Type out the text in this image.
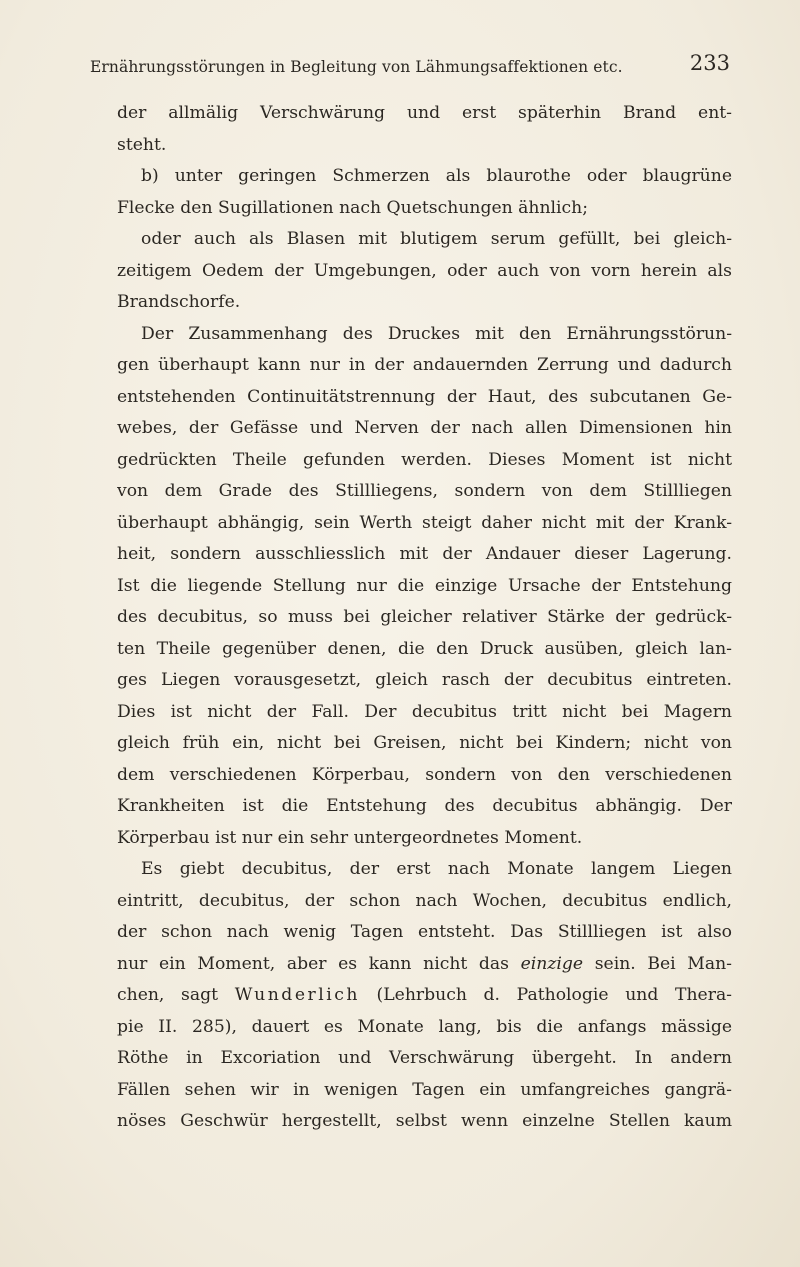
Ernährungsstörungen in Begleitung von Lähmungsaffektionen etc.	233
der allmälig Verschwärung und erst späterhin Brand ent-
steht.
b) unter geringen Schmerzen als blaurothe oder blaugrüne
Flecke den Sugillationen nach Quetschungen ähnlich;
oder auch als Blasen mit blutigem serum gefüllt, bei gleich-
zeitigem Oedem der Umgebungen, oder auch von vorn herein als
Brandschorfe.
Der Zusammenhang des Druckes mit den Ernährungsstörun-
gen überhaupt kann nur in der andauernden Zerrung und dadurch
entstehenden Continuitätstrennung der Haut, des subcutanen Ge-
webes, der Gefässe und Nerven der nach allen Dimensionen hin
gedrückten Theile gefunden werden. Dieses Moment ist nicht
von dem Grade des Stillliegens, sondern von dem Stillliegen
überhaupt abhängig, sein Werth steigt daher nicht mit der Krank-
heit, sondern ausschliesslich mit der Andauer dieser Lagerung.
Ist die liegende Stellung nur die einzige Ursache der Entstehung
des decubitus, so muss bei gleicher relativer Stärke der gedrück-
ten Theile gegenüber denen, die den Druck ausüben, gleich lan-
ges Liegen vorausgesetzt, gleich rasch der decubitus eintreten.
Dies ist nicht der Fall. Der decubitus tritt nicht bei Magern
gleich früh ein, nicht bei Greisen, nicht bei Kindern; nicht von
dem verschiedenen Körperbau, sondern von den verschiedenen
Krankheiten ist die Entstehung des decubitus abhängig. Der
Körperbau ist nur ein sehr untergeordnetes Moment.
Es giebt decubitus, der erst nach Monate langem Liegen
eintritt, decubitus, der schon nach Wochen, decubitus endlich,
der schon nach wenig Tagen entsteht. Das Stillliegen ist also
nur ein Moment, aber es kann nicht das einzige sein. Bei Man-
chen, sagt Wunderlich (Lehrbuch d. Pathologie und Thera-
pie II. 285), dauert es Monate lang, bis die anfangs mässige
Röthe in Excoriation und Verschwärung übergeht. In andern
Fällen sehen wir in wenigen Tagen ein umfangreiches gangrä-
nöses Geschwür hergestellt, selbst wenn einzelne Stellen kaum
